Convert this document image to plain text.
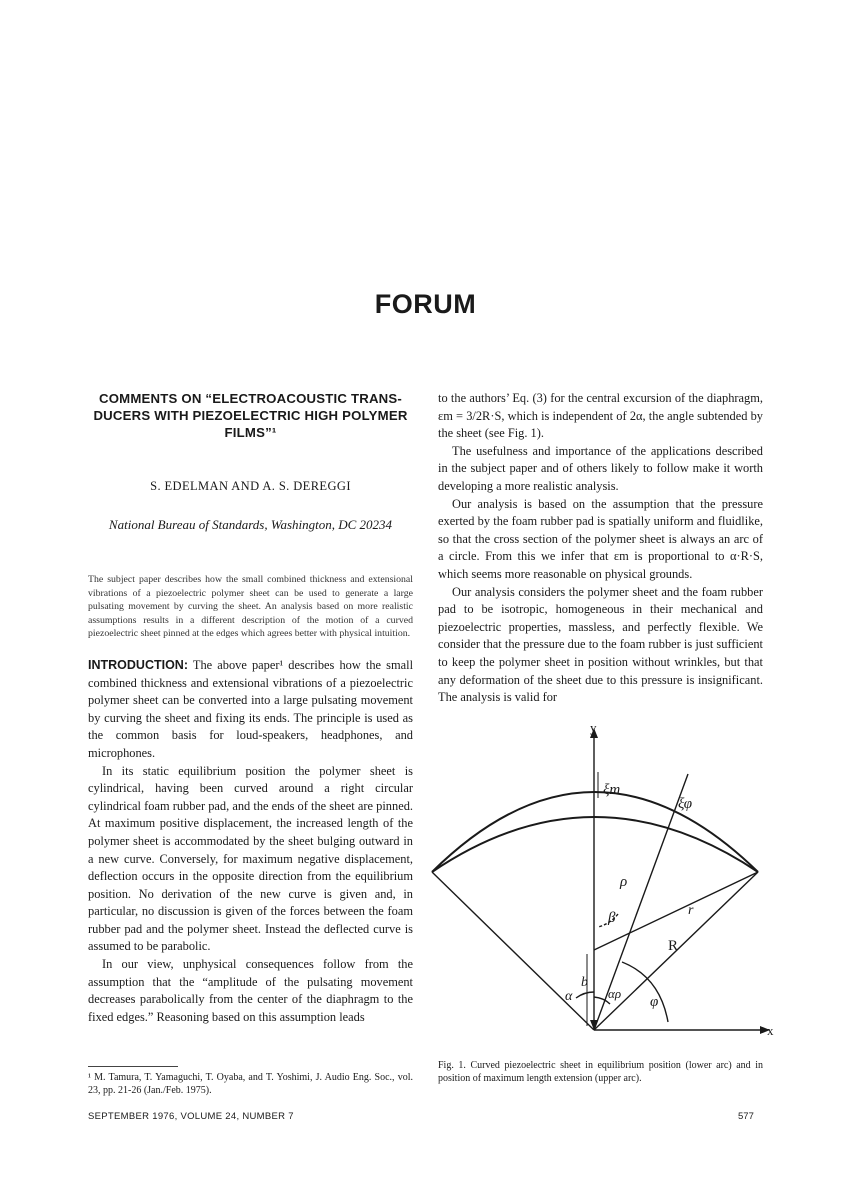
FORUM
COMMENTS ON “ELECTROACOUSTIC TRANS-DUCERS WITH PIEZOELECTRIC HIGH POLYMER FILMS”¹
S. EDELMAN AND A. S. DEREGGI
National Bureau of Standards, Washington, DC 20234
The subject paper describes how the small combined thickness and extensional vibrations of a piezoelectric polymer sheet can be used to generate a large pulsating movement by curving the sheet. An analysis based on more realistic assumptions results in a different description of the motion of a curved piezoelectric sheet pinned at the edges which agrees better with physical intuition.

INTRODUCTION: The above paper¹ describes how the small combined thickness and extensional vibrations of a piezoelectric polymer sheet can be converted into a large pulsating movement by curving the sheet and fixing its ends. The principle is used as the common basis for loud-speakers, headphones, and microphones.

In its static equilibrium position the polymer sheet is cylindrical, having been curved around a right circular cylindrical foam rubber pad, and the ends of the sheet are pinned. At maximum positive displacement, the increased length of the polymer sheet is accommodated by the sheet bulging outward in a new curve. Conversely, for maximum negative displacement, deflection occurs in the opposite direction from the equilibrium position. No derivation of the new curve is given and, in particular, no discussion is given of the forces between the foam rubber pad and the polymer sheet. Instead the deflected curve is assumed to be parabolic.

In our view, unphysical consequences follow from the assumption that the “amplitude of the pulsating movement decreases parabolically from the center of the diaphragm to the fixed edges.” Reasoning based on this assumption leads

to the authors’ Eq. (3) for the central excursion of the diaphragm, εm = 3/2R·S, which is independent of 2α, the angle subtended by the sheet (see Fig. 1).

The usefulness and importance of the applications described in the subject paper and of others likely to follow make it worth developing a more realistic analysis.

Our analysis is based on the assumption that the pressure exerted by the foam rubber pad is spatially uniform and fluidlike, so that the cross section of the polymer sheet is always an arc of a circle. From this we infer that εm is proportional to α·R·S, which seems more reasonable on physical grounds.

Our analysis considers the polymer sheet and the foam rubber pad to be isotropic, homogeneous in their mechanical and piezoelectric properties, massless, and perfectly flexible. We consider that the pressure due to the foam rubber is just sufficient to keep the polymer sheet in position without wrinkles, but that any deformation of the sheet due to this pressure is insignificant. The analysis is valid for

y
x
ξm
ξφ
ρ
β	r
R
b
α	αρ
φ
Fig. 1. Curved piezoelectric sheet in equilibrium position (lower arc) and in position of maximum length extension (upper arc).
¹ M. Tamura, T. Yamaguchi, T. Oyaba, and T. Yoshimi, J. Audio Eng. Soc., vol. 23, pp. 21-26 (Jan./Feb. 1975).
SEPTEMBER 1976, VOLUME 24, NUMBER 7	577
